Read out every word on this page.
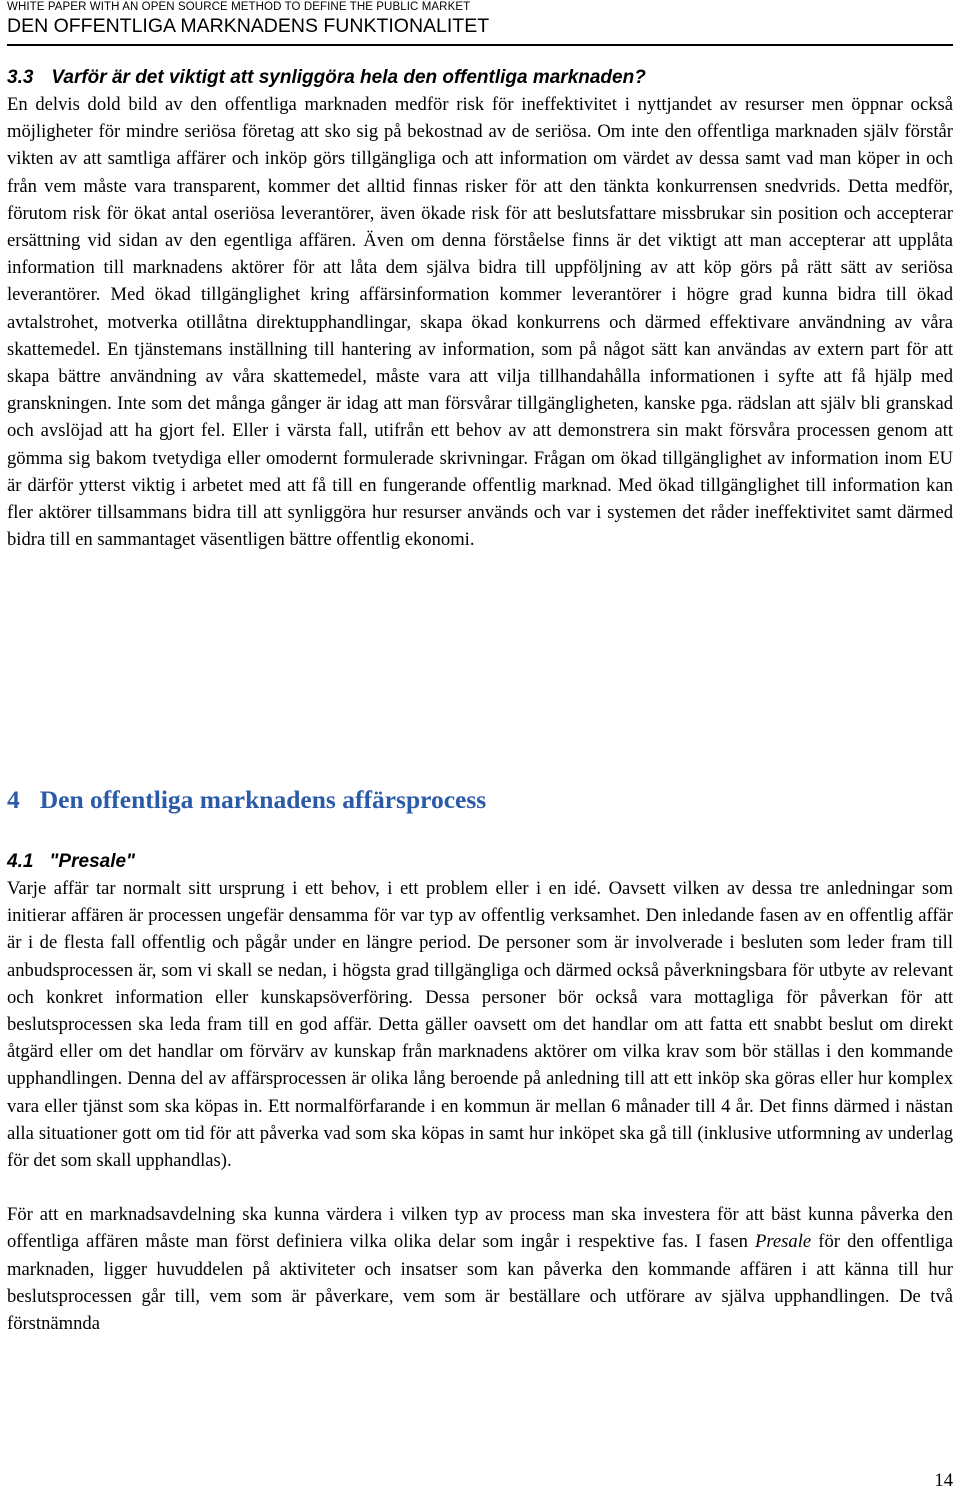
WHITE PAPER WITH AN OPEN SOURCE METHOD TO DEFINE THE PUBLIC MARKET
DEN OFFENTLIGA MARKNADENS FUNKTIONALITET
3.3 Varför är det viktigt att synliggöra hela den offentliga marknaden?

En delvis dold bild av den offentliga marknaden medför risk för ineffektivitet i nyttjandet av resurser men öppnar också möjligheter för mindre seriösa företag att sko sig på bekostnad av de seriösa. Om inte den offentliga marknaden själv förstår vikten av att samtliga affärer och inköp görs tillgängliga och att information om värdet av dessa samt vad man köper in och från vem måste vara transparent, kommer det alltid finnas risker för att den tänkta konkurrensen snedvrids. Detta medför, förutom risk för ökat antal oseriösa leverantörer, även ökade risk för att beslutsfattare missbrukar sin position och accepterar ersättning vid sidan av den egentliga affären. Även om denna förståelse finns är det viktigt att man accepterar att upplåta information till marknadens aktörer för att låta dem själva bidra till uppföljning av att köp görs på rätt sätt av seriösa leverantörer. Med ökad tillgänglighet kring affärsinformation kommer leverantörer i högre grad kunna bidra till ökad avtalstrohet, motverka otillåtna direktupphandlingar, skapa ökad konkurrens och därmed effektivare användning av våra skattemedel. En tjänstemans inställning till hantering av information, som på något sätt kan användas av extern part för att skapa bättre användning av våra skattemedel, måste vara att vilja tillhandahålla informationen i syfte att få hjälp med granskningen. Inte som det många gånger är idag att man försvårar tillgängligheten, kanske pga. rädslan att själv bli granskad och avslöjad att ha gjort fel. Eller i värsta fall, utifrån ett behov av att demonstrera sin makt försvåra processen genom att gömma sig bakom tvetydiga eller omodernt formulerade skrivningar. Frågan om ökad tillgänglighet av information inom EU är därför ytterst viktig i arbetet med att få till en fungerande offentlig marknad. Med ökad tillgänglighet till information kan fler aktörer tillsammans bidra till att synliggöra hur resurser används och var i systemen det råder ineffektivitet samt därmed bidra till en sammantaget väsentligen bättre offentlig ekonomi.

4 Den offentliga marknadens affärsprocess
4.1 "Presale"

Varje affär tar normalt sitt ursprung i ett behov, i ett problem eller i en idé. Oavsett vilken av dessa tre anledningar som initierar affären är processen ungefär densamma för var typ av offentlig verksamhet. Den inledande fasen av en offentlig affär är i de flesta fall offentlig och pågår under en längre period. De personer som är involverade i besluten som leder fram till anbudsprocessen är, som vi skall se nedan, i högsta grad tillgängliga och därmed också påverkningsbara för utbyte av relevant och konkret information eller kunskapsöverföring. Dessa personer bör också vara mottagliga för påverkan för att beslutsprocessen ska leda fram till en god affär. Detta gäller oavsett om det handlar om att fatta ett snabbt beslut om direkt åtgärd eller om det handlar om förvärv av kunskap från marknadens aktörer om vilka krav som bör ställas i den kommande upphandlingen. Denna del av affärsprocessen är olika lång beroende på anledning till att ett inköp ska göras eller hur komplex vara eller tjänst som ska köpas in. Ett normalförfarande i en kommun är mellan 6 månader till 4 år. Det finns därmed i nästan alla situationer gott om tid för att påverka vad som ska köpas in samt hur inköpet ska gå till (inklusive utformning av underlag för det som skall upphandlas).

För att en marknadsavdelning ska kunna värdera i vilken typ av process man ska investera för att bäst kunna påverka den offentliga affären måste man först definiera vilka olika delar som ingår i respektive fas. I fasen Presale för den offentliga marknaden, ligger huvuddelen på aktiviteter och insatser som kan påverka den kommande affären i att känna till hur beslutsprocessen går till, vem som är påverkare, vem som är beställare och utförare av själva upphandlingen. De två förstnämnda

14
